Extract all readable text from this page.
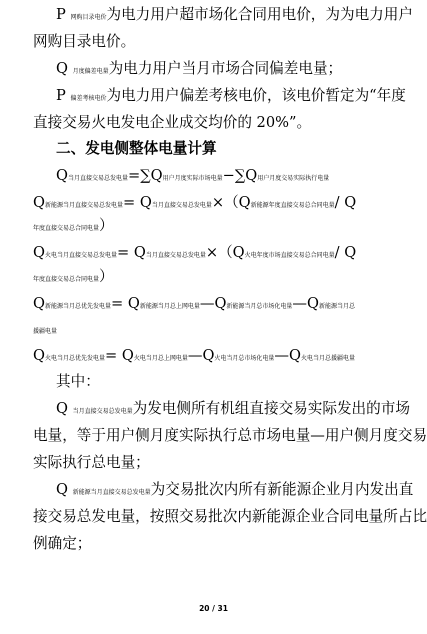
P 网购目录电价为电力用户超市场化合同用电价，为为电力用户
网购目录电价。
Q 月度偏差电量为电力用户当月市场合同偏差电量；
P 偏差考核电价为电力用户偏差考核电价，该电价暂定为“年度
直接交易火电发电企业成交均价的 20%”。
二、发电侧整体电量计算
Q当月直接交易总发电量=∑Q用户月度实际市场电量−∑Q用户月度交易实际执行电量
Q新能源当月直接交易总发电量= Q当月直接交易总发电量×（Q新能源年度直接交易总合同电量/ Q
年度直接交易总合同电量）
Q火电当月直接交易总发电量= Q当月直接交易总发电量×（Q火电年度市场直接交易总合同电量/ Q
年度直接交易总合同电量）
Q新能源当月总优先发电量= Q新能源当月总上网电量—Q新能源当月总市场化电量—Q新能源当月总
援疆电量
Q火电当月总优先发电量= Q火电当月总上网电量—Q火电当月总市场化电量—Q火电当月总援疆电量
其中：
Q 当月直接交易总发电量为发电侧所有机组直接交易实际发出的市场
电量，等于用户侧月度实际执行总市场电量—用户侧月度交易
实际执行总电量；
Q 新能源当月直接交易总发电量为交易批次内所有新能源企业月内发出直
接交易总发电量，按照交易批次内新能源企业合同电量所占比
例确定；
20 / 31
